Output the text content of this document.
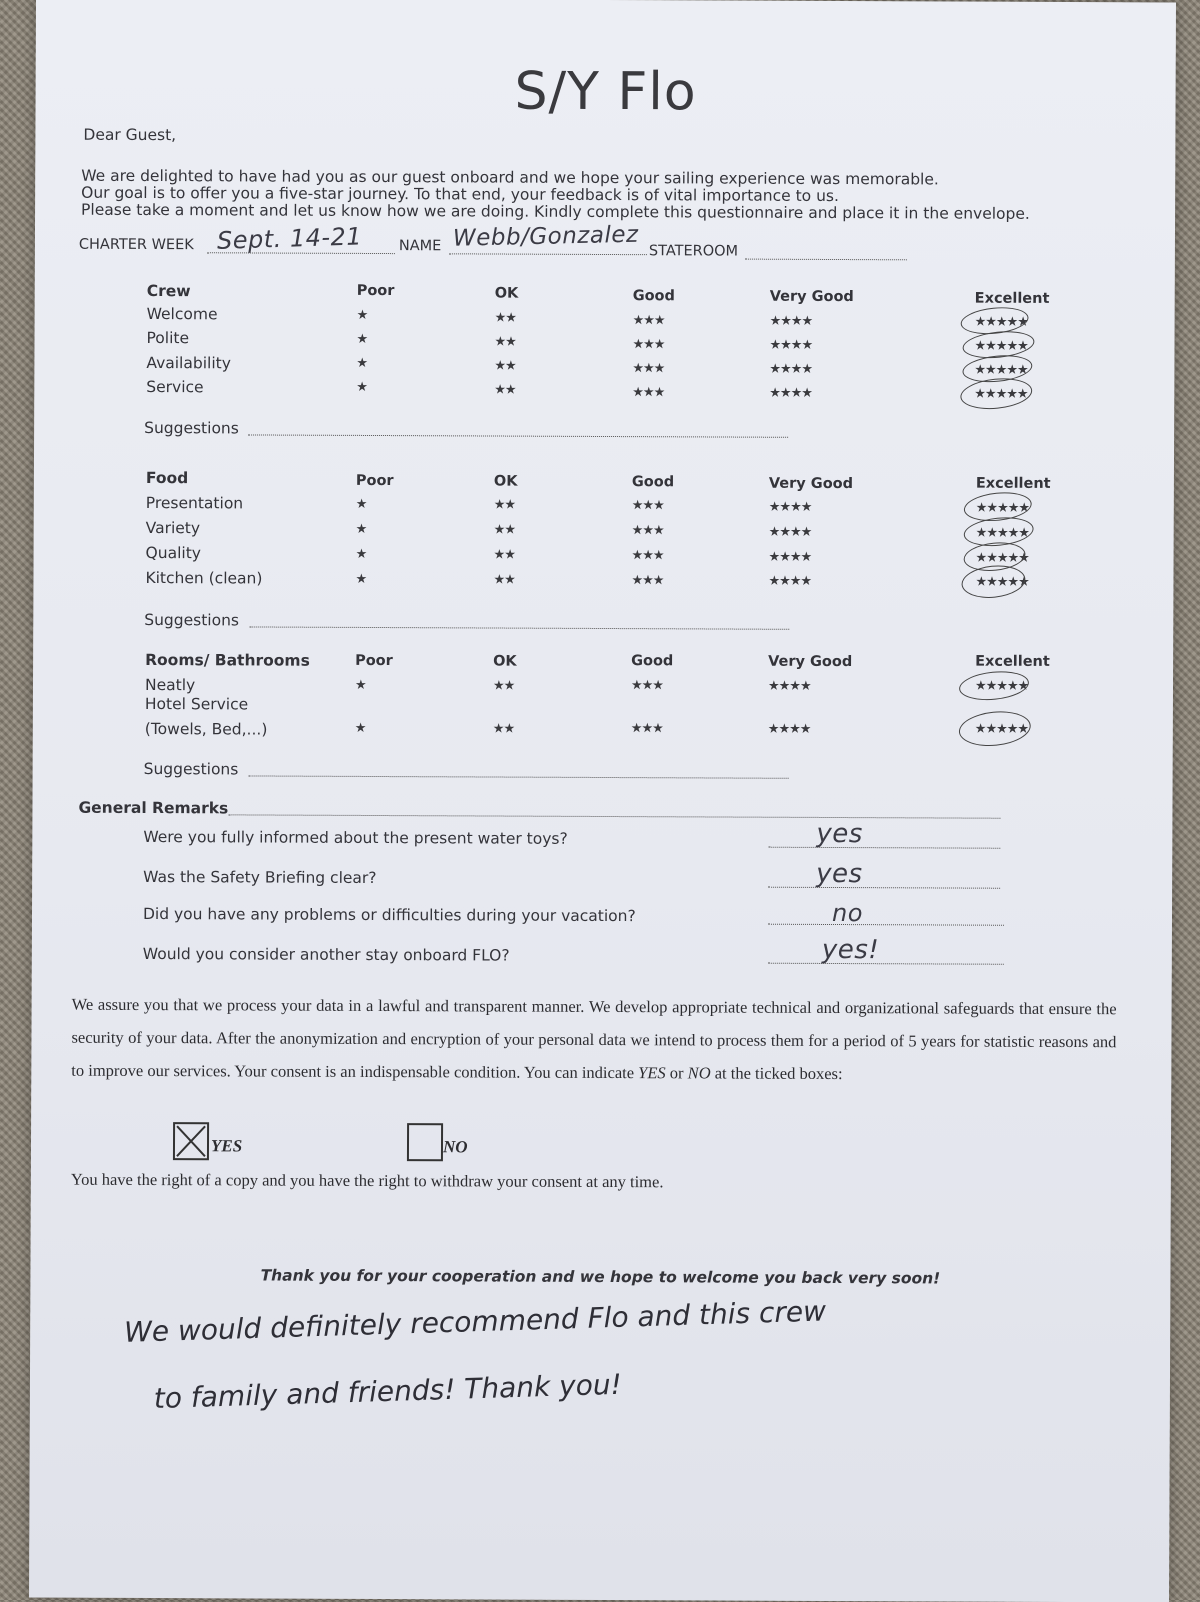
S/Y Flo
Dear Guest,
We are delighted to have had you as our guest onboard and we hope your sailing experience was memorable.
Our goal is to offer you a five-star journey. To that end, your feedback is of vital importance to us.
Please take a moment and let us know how we are doing. Kindly complete this questionnaire and place it in the envelope.
CHARTER WEEK Sept. 14-21	NAME Webb/Gonzalez STATEROOM
Crew	Poor	OK	Good	Very Good	Excellent
Welcome	★	★★	★★★	★★★★	★★★★★
Polite	★	★★	★★★	★★★★	★★★★★
Availability	★	★★	★★★	★★★★	★★★★★
Service	★	★★	★★★	★★★★	★★★★★
Suggestions
Food	Poor	OK	Good	Very Good	Excellent
Presentation	★	★★	★★★	★★★★	★★★★★
Variety	★	★★	★★★	★★★★	★★★★★
Quality	★	★★	★★★	★★★★	★★★★★
Kitchen (clean)	★	★★	★★★	★★★★	★★★★★
Suggestions
Rooms/ Bathrooms	Poor	OK	Good	Very Good	Excellent
Neatly	★	★★	★★★	★★★★	★★★★★
Hotel Service
(Towels, Bed,...)	★	★★	★★★	★★★★	★★★★★
Suggestions
General Remarks
Were you fully informed about the present water toys?	yes
Was the Safety Briefing clear?	yes
Did you have any problems or difficulties during your vacation?	no
Would you consider another stay onboard FLO?	yes!
We assure you that we process your data in a lawful and transparent manner. We develop appropriate technical and organizational safeguards that ensure the security of your data. After the anonymization and encryption of your personal data we intend to process them for a period of 5 years for statistic reasons and to improve our services. Your consent is an indispensable condition. You can indicate YES or NO at the ticked boxes:
YES	NO
You have the right of a copy and you have the right to withdraw your consent at any time.
Thank you for your cooperation and we hope to welcome you back very soon!
We would definitely recommend Flo and this crew
to family and friends! Thank you!
